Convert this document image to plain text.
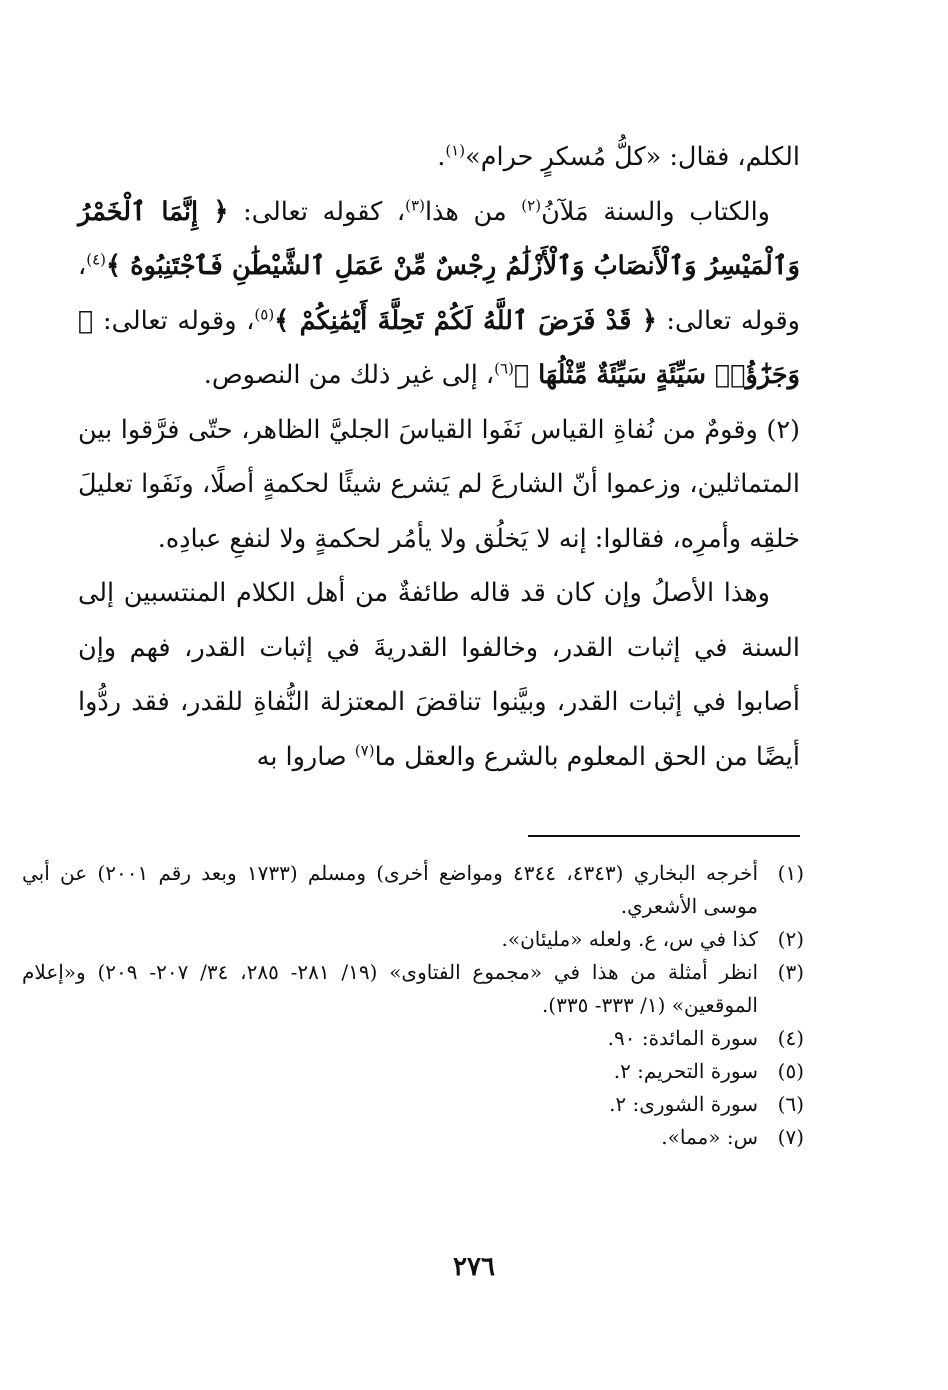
الكلم، فقال: «كلُّ مُسكرٍ حرام»$^{(١)}$.

والكتاب والسنة مَلآنُ$^{(٢)}$ من هذا$^{(٣)}$، كقوله تعالى: ﴿ إِنَّمَا ٱلْخَمْرُ وَٱلْمَيْسِرُ وَٱلْأَنصَابُ وَٱلْأَزْلَٰمُ رِجْسٌ مِّنْ عَمَلِ ٱلشَّيْطَٰنِ فَٱجْتَنِبُوهُ ﴾$^{(٤)}$، وقوله تعالى: ﴿ قَدْ فَرَضَ ٱللَّهُ لَكُمْ تَحِلَّةَ أَيْمَٰنِكُمْ ﴾$^{(٥)}$، وقوله تعالى: ﴿ وَجَزَٰٓؤُا۟ سَيِّئَةٍ سَيِّئَةٌ مِّثْلُهَا ﴾$^{(٦)}$، إلى غير ذلك من النصوص.

(٢) وقومٌ من نُفاةِ القياس نَفَوا القياسَ الجليَّ الظاهر، حتّى فرَّقوا بين المتماثلين، وزعموا أنّ الشارعَ لم يَشرع شيئًا لحكمةٍ أصلًا، ونَفَوا تعليلَ خلقِه وأمرِه، فقالوا: إنه لا يَخلُق ولا يأمُر لحكمةٍ ولا لنفعِ عبادِه.

وهذا الأصلُ وإن كان قد قاله طائفةٌ من أهل الكلام المنتسبين إلى السنة في إثبات القدر، وخالفوا القدريةَ في إثبات القدر، فهم وإن أصابوا في إثبات القدر، وبيَّنوا تناقضَ المعتزلة النُّفاةِ للقدر، فقد ردُّوا أيضًا من الحق المعلوم بالشرع والعقل ما$^{(٧)}$ صاروا به

(١)
أخرجه البخاري (٤٣٤٣، ٤٣٤٤ ومواضع أخرى) ومسلم (١٧٣٣ وبعد رقم ٢٠٠١) عن أبي موسى الأشعري.
(٢)
كذا في س، ع. ولعله «مليئان».
(٣)
انظر أمثلة من هذا في «مجموع الفتاوى» (١٩/ ٢٨١- ٢٨٥، ٣٤/ ٢٠٧- ٢٠٩) و«إعلام الموقعين» (١/ ٣٣٣- ٣٣٥).
(٤)
سورة المائدة: ٩٠.
(٥)
سورة التحريم: ٢.
(٦)
سورة الشورى: ٢.
(٧)
س: «مما».
٢٧٦
